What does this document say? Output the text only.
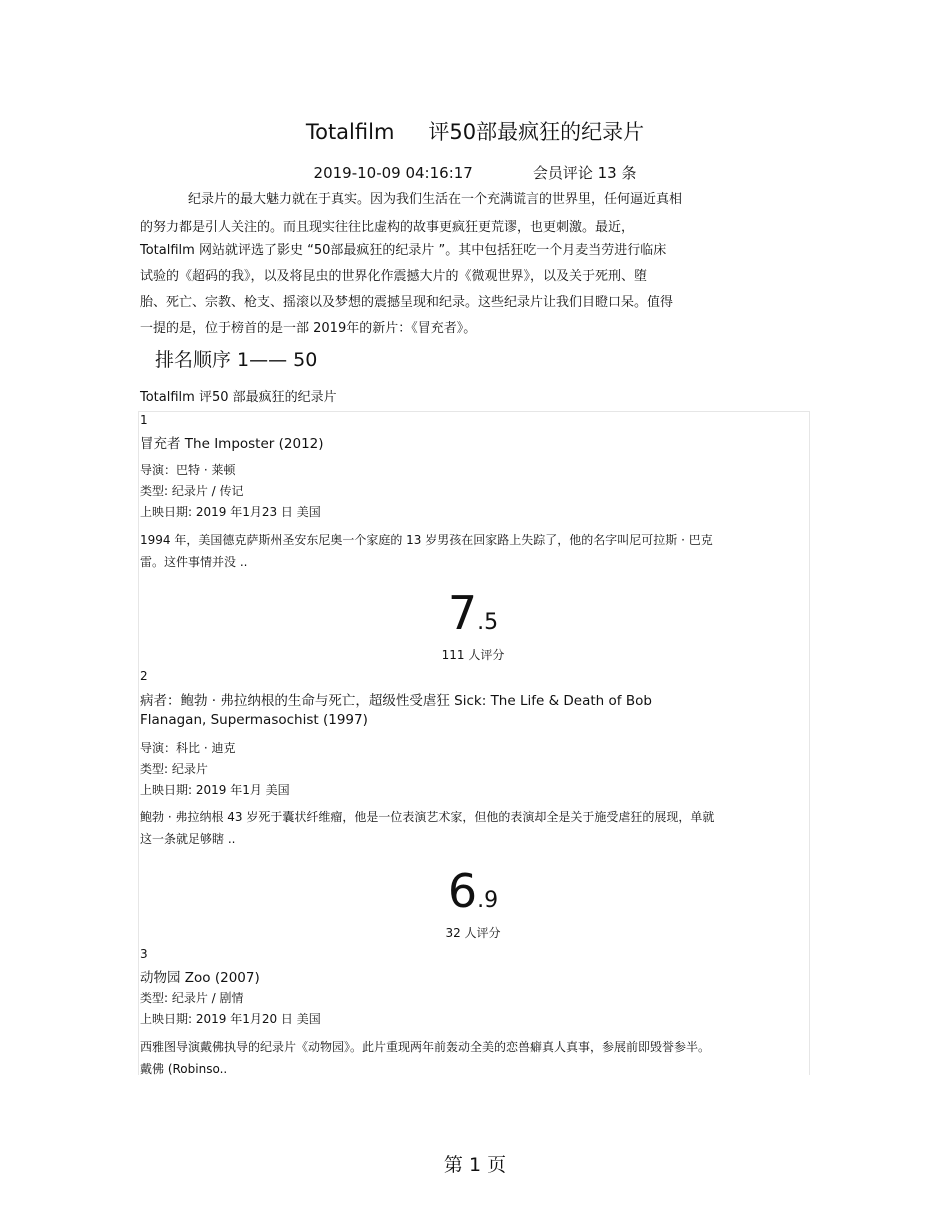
Totalfilm 评50部最疯狂的纪录片
2019-10-09 04:16:17	会员评论 13 条
纪录片的最大魅力就在于真实。因为我们生活在一个充满谎言的世界里，任何逼近真相
的努力都是引人关注的。而且现实往往比虚构的故事更疯狂更荒谬，也更刺激。最近，
Totalfilm 网站就评选了影史 “50部最疯狂的纪录片 ”。其中包括狂吃一个月麦当劳进行临床
试验的《超码的我》，以及将昆虫的世界化作震撼大片的《微观世界》，以及关于死刑、堕
胎、死亡、宗教、枪支、摇滚以及梦想的震撼呈现和纪录。这些纪录片让我们目瞪口呆。值得
一提的是，位于榜首的是一部 2019年的新片：《冒充者》。
排名顺序 1—— 50
Totalfilm 评50 部最疯狂的纪录片
1
冒充者 The Imposter (2012)
导演：巴特 · 莱顿
类型: 纪录片 / 传记
上映日期: 2019 年1月23 日 美国
1994 年，美国德克萨斯州圣安东尼奥一个家庭的 13 岁男孩在回家路上失踪了，他的名字叫尼可拉斯 · 巴克
雷。这件事情并没 ..
7.5
111 人评分
2
病者：鲍勃 · 弗拉纳根的生命与死亡，超级性受虐狂 Sick: The Life & Death of Bob
Flanagan, Supermasochist (1997)
导演：科比 · 迪克
类型: 纪录片
上映日期: 2019 年1月 美国
鲍勃 · 弗拉纳根 43 岁死于囊状纤维瘤，他是一位表演艺术家，但他的表演却全是关于施受虐狂的展现，单就
这一条就足够瞎 ..
6.9
32 人评分
3
动物园 Zoo (2007)
类型: 纪录片 / 剧情
上映日期: 2019 年1月20 日 美国
西雅图导演戴佛执导的纪录片《动物园》。此片重现两年前轰动全美的恋兽癖真人真事，参展前即毁誉参半。
戴佛 (Robinso..
第 1 页
